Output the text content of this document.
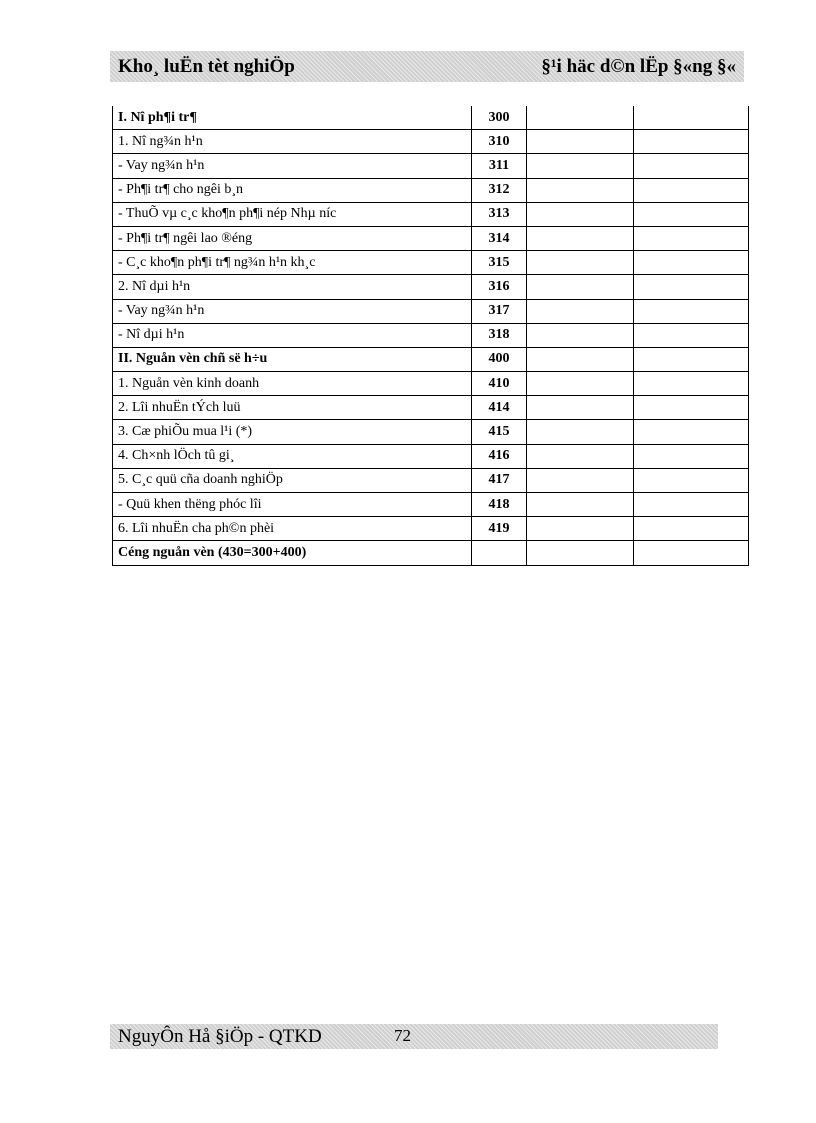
Kho¸ luËn tèt nghiÖp	§¹i häc d©n lËp §«ng §«
I. Nî ph¶i tr¶	300		
1. Nî ng¾n h¹n	310		
- Vay ng¾n h¹n	311		
- Ph¶i tr¶ cho ngêi b¸n	312		
- ThuÕ vµ c¸c kho¶n ph¶i nép Nhµ níc	313		
- Ph¶i tr¶ ngêi lao ®éng	314		
- C¸c kho¶n ph¶i tr¶ ng¾n h¹n kh¸c	315		
2. Nî dµi h¹n	316		
- Vay ng¾n h¹n	317		
- Nî dµi h¹n	318		
II. Nguån vèn chñ së h÷u	400		
1. Nguån vèn kinh doanh	410		
2. Lîi nhuËn tÝch luü	414		
3. Cæ phiÕu mua l¹i (*)	415		
4. Ch×nh lÖch tû gi¸	416		
5. C¸c quü cña doanh nghiÖp	417		
- Quü khen thëng phóc lîi	418		
6. Lîi nhuËn cha ph©n phèi	419		
Céng nguån vèn (430=300+400)			
NguyÔn Hå §iÖp - QTKD	72
